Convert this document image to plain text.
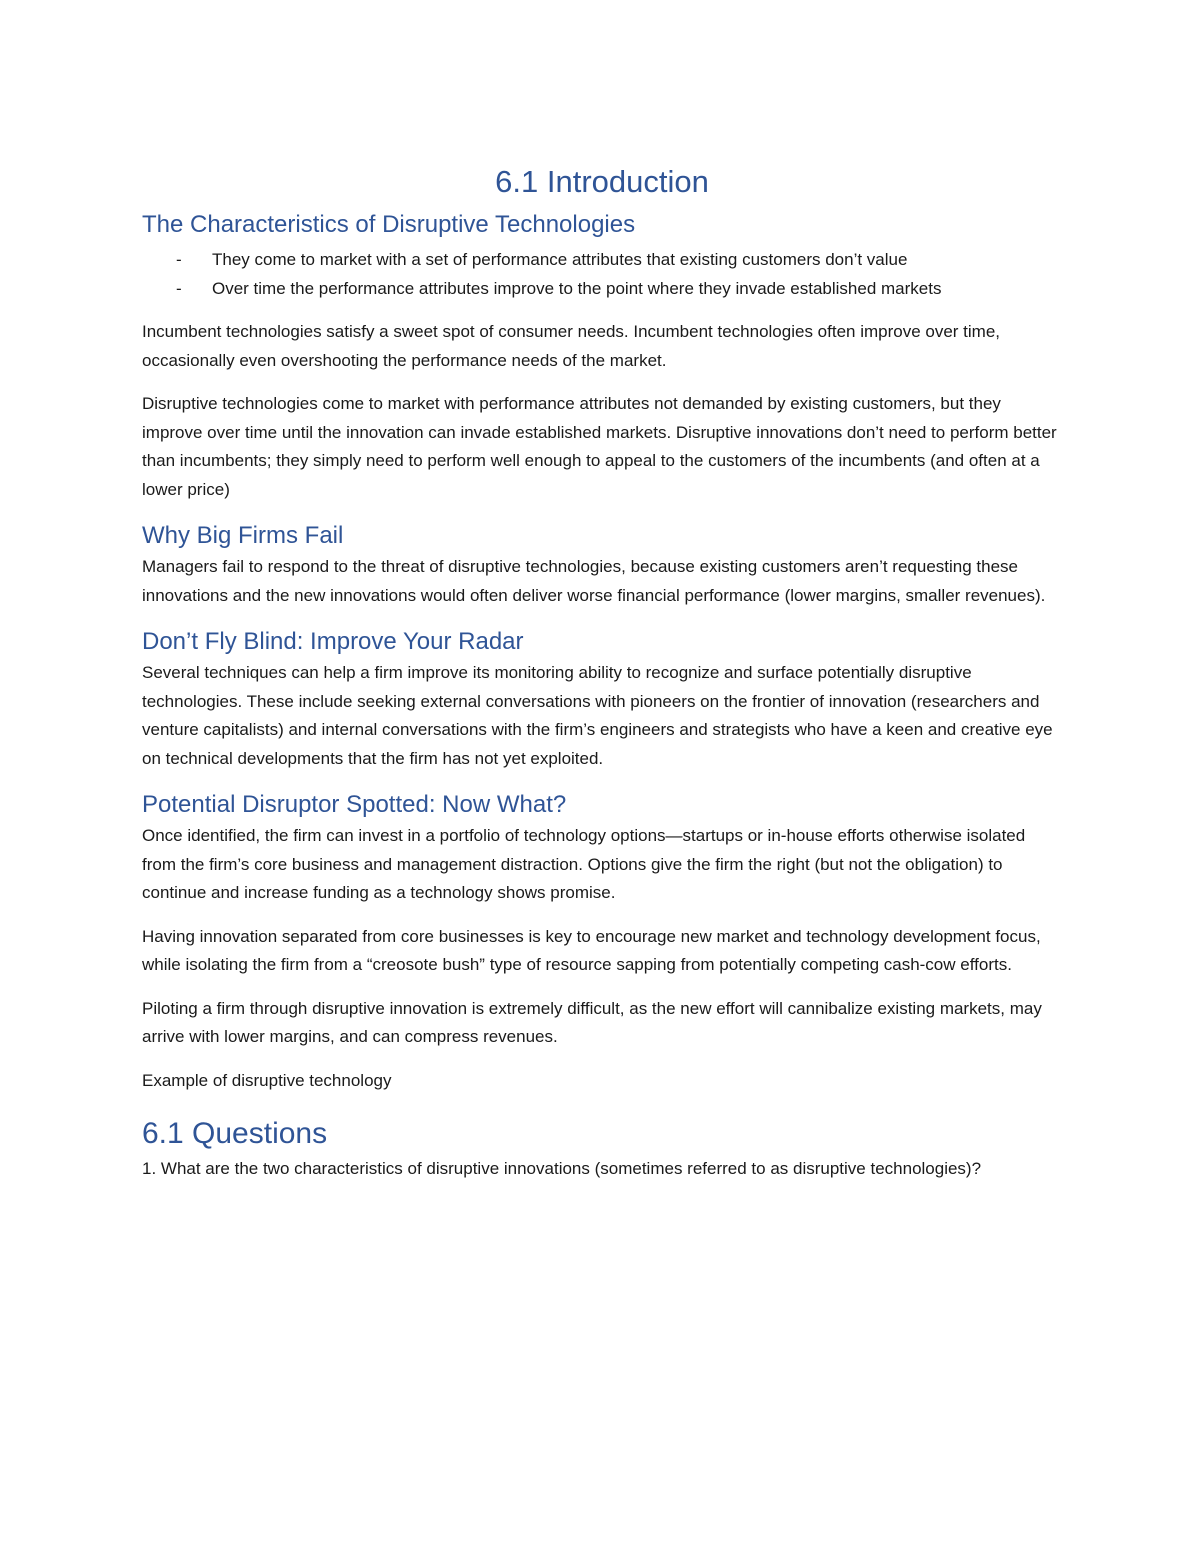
6.1 Introduction
The Characteristics of Disruptive Technologies
- They come to market with a set of performance attributes that existing customers don’t value
- Over time the performance attributes improve to the point where they invade established markets

Incumbent technologies satisfy a sweet spot of consumer needs. Incumbent technologies often improve over time, occasionally even overshooting the performance needs of the market.

Disruptive technologies come to market with performance attributes not demanded by existing customers, but they improve over time until the innovation can invade established markets. Disruptive innovations don’t need to perform better than incumbents; they simply need to perform well enough to appeal to the customers of the incumbents (and often at a lower price)

Why Big Firms Fail

Managers fail to respond to the threat of disruptive technologies, because existing customers aren’t requesting these innovations and the new innovations would often deliver worse financial performance (lower margins, smaller revenues).

Don’t Fly Blind: Improve Your Radar

Several techniques can help a firm improve its monitoring ability to recognize and surface potentially disruptive technologies. These include seeking external conversations with pioneers on the frontier of innovation (researchers and venture capitalists) and internal conversations with the firm’s engineers and strategists who have a keen and creative eye on technical developments that the firm has not yet exploited.

Potential Disruptor Spotted: Now What?

Once identified, the firm can invest in a portfolio of technology options—startups or in-house efforts otherwise isolated from the firm’s core business and management distraction. Options give the firm the right (but not the obligation) to continue and increase funding as a technology shows promise.

Having innovation separated from core businesses is key to encourage new market and technology development focus, while isolating the firm from a “creosote bush” type of resource sapping from potentially competing cash-cow efforts.

Piloting a firm through disruptive innovation is extremely difficult, as the new effort will cannibalize existing markets, may arrive with lower margins, and can compress revenues.

Example of disruptive technology

6.1 Questions

1. What are the two characteristics of disruptive innovations (sometimes referred to as disruptive technologies)?
